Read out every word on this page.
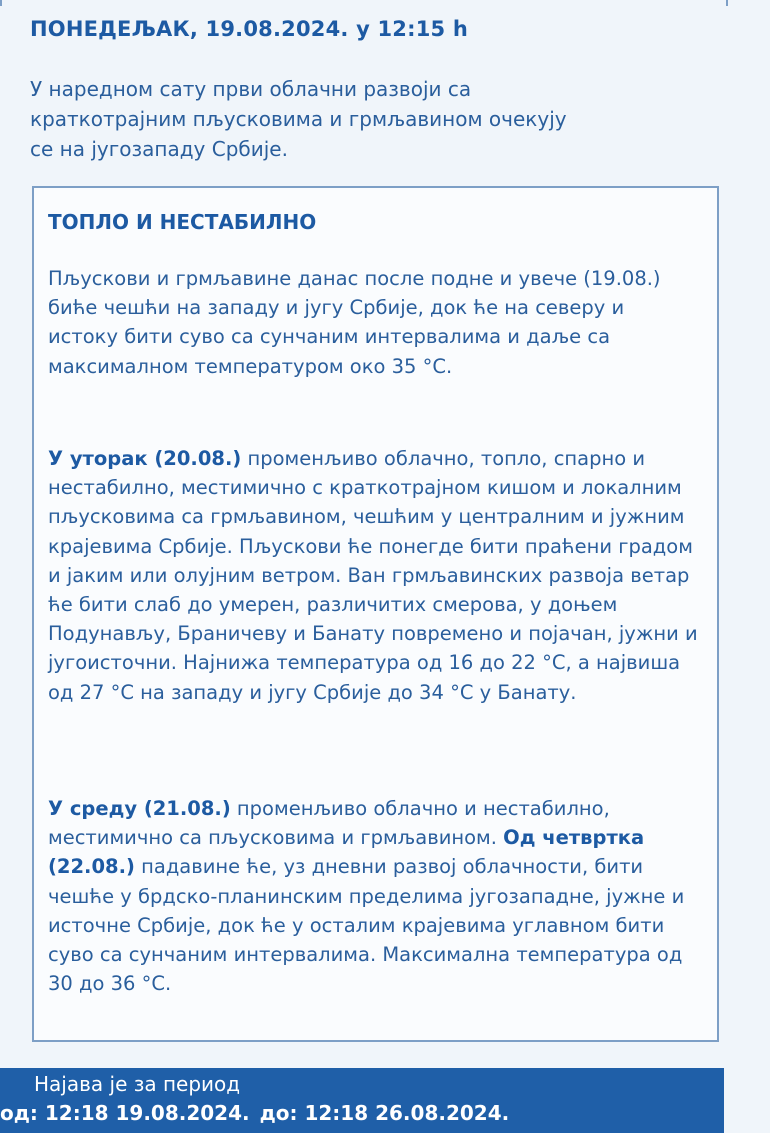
ПОНЕДЕЉАК, 19.08.2024. у 12:15 h
У наредном сату први облачни развоји са краткотрајним пљусковима и грмљавином очекују се на југозападу Србије.
ТОПЛО И НЕСТАБИЛНО
Пљускови и грмљавине данас после подне и увече (19.08.) биће чешћи на западу и југу Србије, док ће на северу и истоку бити суво са сунчаним интервалима и даље са максималном температуром око 35 °C.
У уторак (20.08.) променљиво облачно, топло, спарно и нестабилно, местимично с краткотрајном кишом и локалним пљусковима са грмљавином, чешћим у централним и јужним крајевима Србије. Пљускови ће понегде бити праћени градом и јаким или олујним ветром. Ван грмљавинских развоја ветар ће бити слаб до умерен, различитих смерова, у доњем Подунављу, Браничеву и Банату повремено и појачан, јужни и југоисточни. Најнижа температура од 16 до 22 °C, а највиша од 27 °C на западу и југу Србије до 34 °C у Банату.
У среду (21.08.) променљиво облачно и нестабилно, местимично са пљусковима и грмљавином. Од четвртка (22.08.) падавине ће, уз дневни развој облачности, бити чешће у брдско-планинским пределима југозападне, јужне и источне Србије, док ће у осталим крајевима углавном бити суво са сунчаним интервалима. Максимална температура од 30 до 36 °C.
Најава је за период
од: 12:18 19.08.2024. до: 12:18 26.08.2024.
